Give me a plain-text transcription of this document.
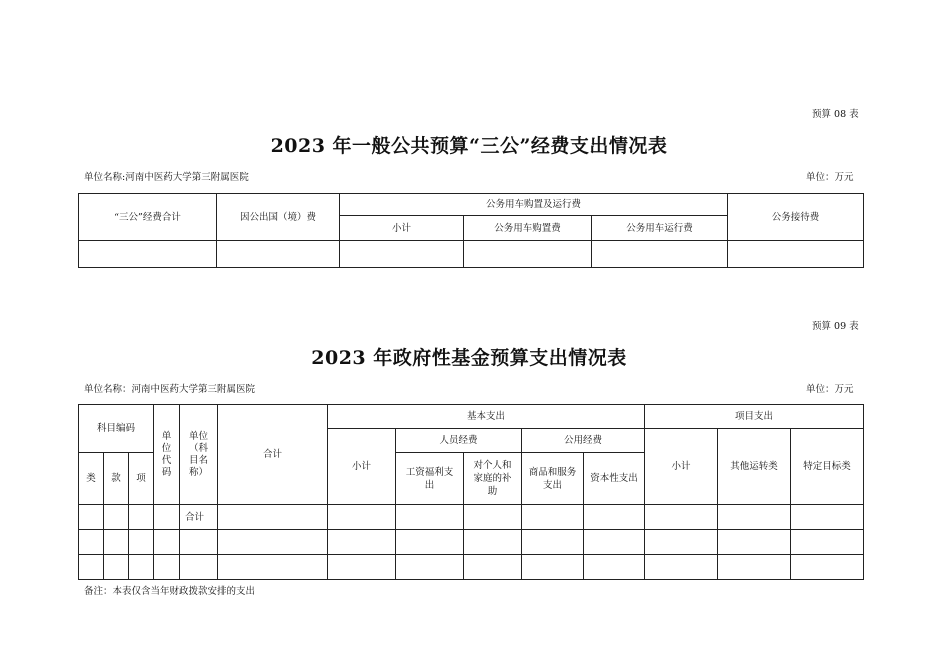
预算 08 表
2023 年一般公共预算“三公”经费支出情况表
单位名称:河南中医药大学第三附属医院	单位：万元
“三公”经费合计	因公出国（境）费	公务用车购置及运行费			公务接待费
		小计	公务用车购置费	公务用车运行费	

预算 09 表
2023 年政府性基金预算支出情况表
单位名称：河南中医药大学第三附属医院	单位：万元
科目编码			单位代码	单位（科目名称）	合计	基本支出					项目支出		
						小计	人员经费		公用经费		小计	其他运转类	特定目标类
类	款	项					工资福利支出	对个人和家庭的补助	商品和服务支出	资本性支出			

				合计									

备注：本表仅含当年财政拨款安排的支出
